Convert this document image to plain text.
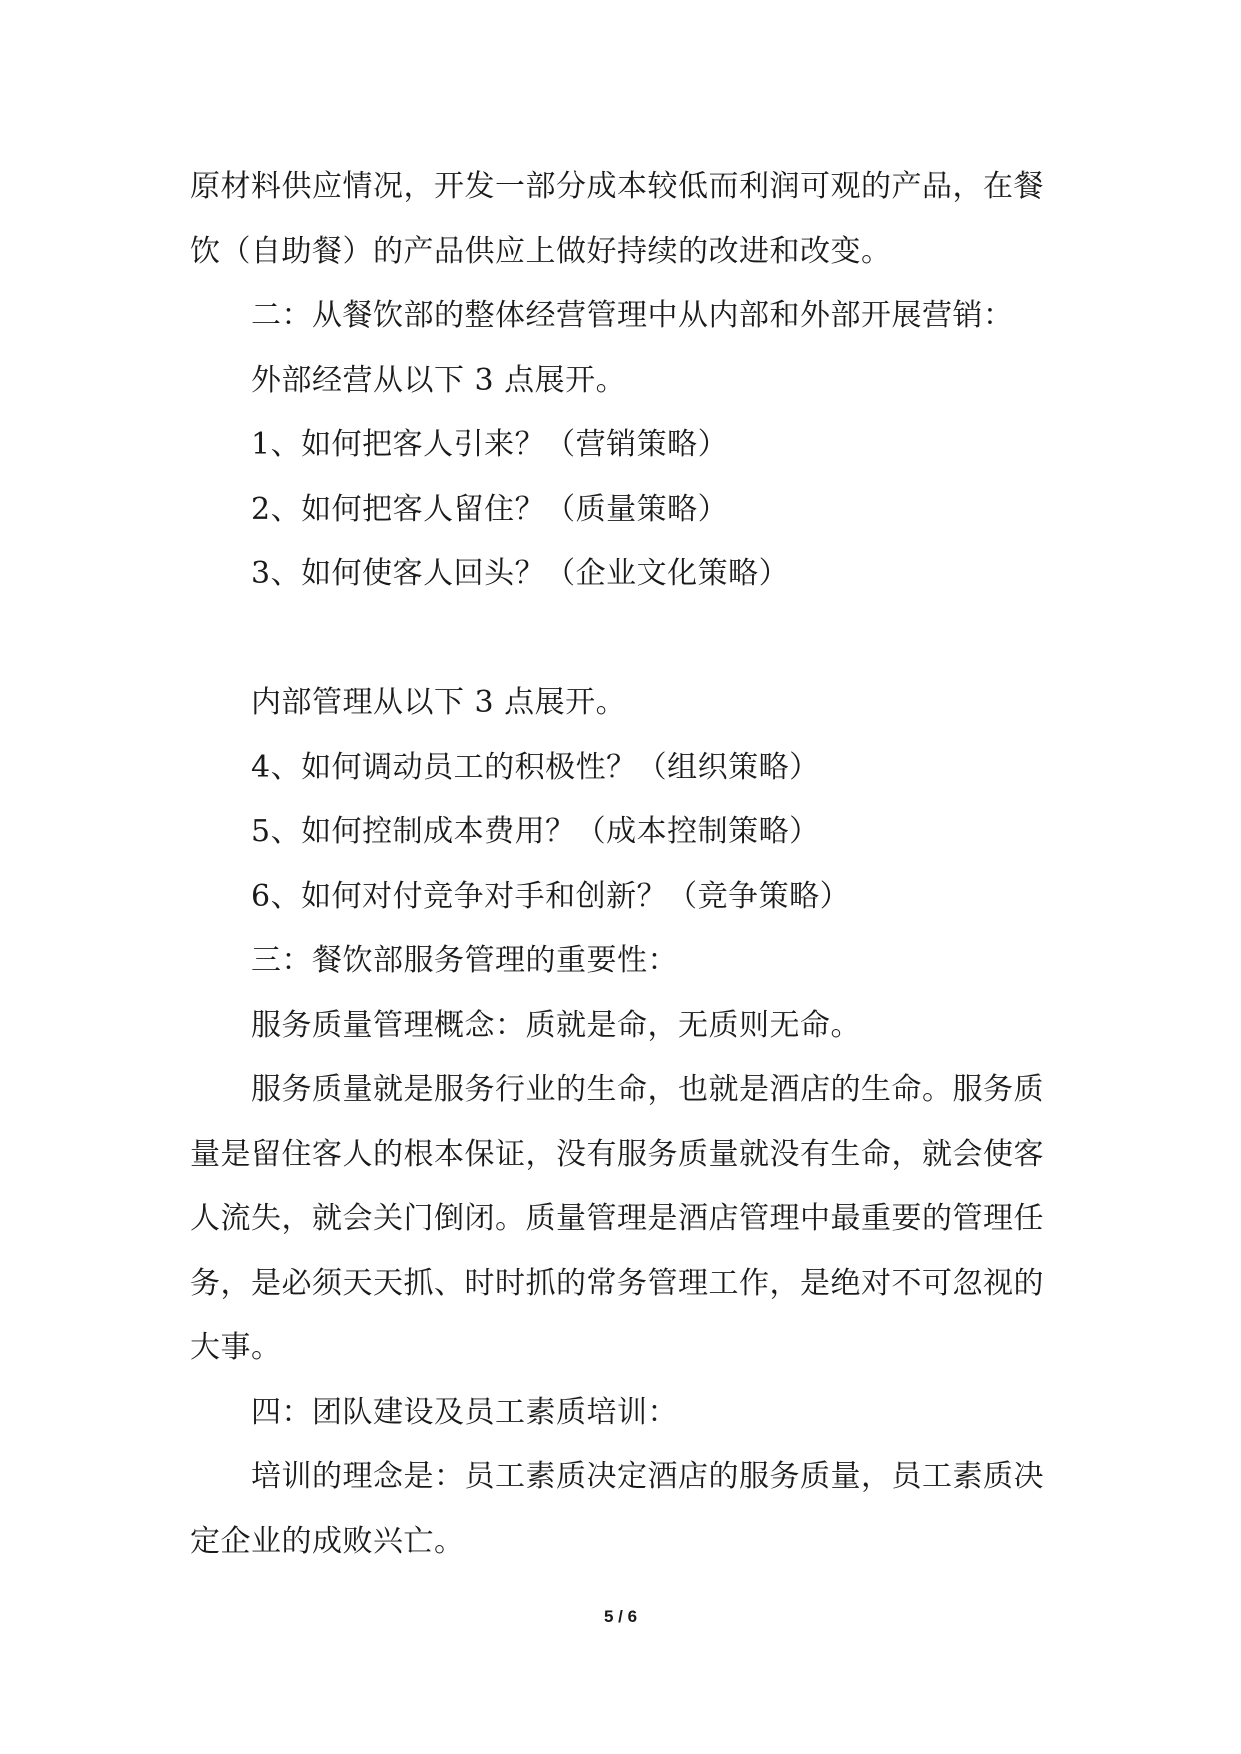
原材料供应情况，开发一部分成本较低而利润可观的产品，在餐饮（自助餐）的产品供应上做好持续的改进和改变。

二：从餐饮部的整体经营管理中从内部和外部开展营销：

外部经营从以下 3 点展开。

1、如何把客人引来？（营销策略）

2、如何把客人留住？（质量策略）

3、如何使客人回头？（企业文化策略）

内部管理从以下 3 点展开。

4、如何调动员工的积极性？（组织策略）

5、如何控制成本费用？（成本控制策略）

6、如何对付竞争对手和创新？（竞争策略）

三：餐饮部服务管理的重要性：

服务质量管理概念：质就是命，无质则无命。

服务质量就是服务行业的生命，也就是酒店的生命。服务质量是留住客人的根本保证，没有服务质量就没有生命，就会使客人流失，就会关门倒闭。质量管理是酒店管理中最重要的管理任务，是必须天天抓、时时抓的常务管理工作，是绝对不可忽视的大事。

四：团队建设及员工素质培训：

培训的理念是：员工素质决定酒店的服务质量，员工素质决定企业的成败兴亡。

5 / 6
